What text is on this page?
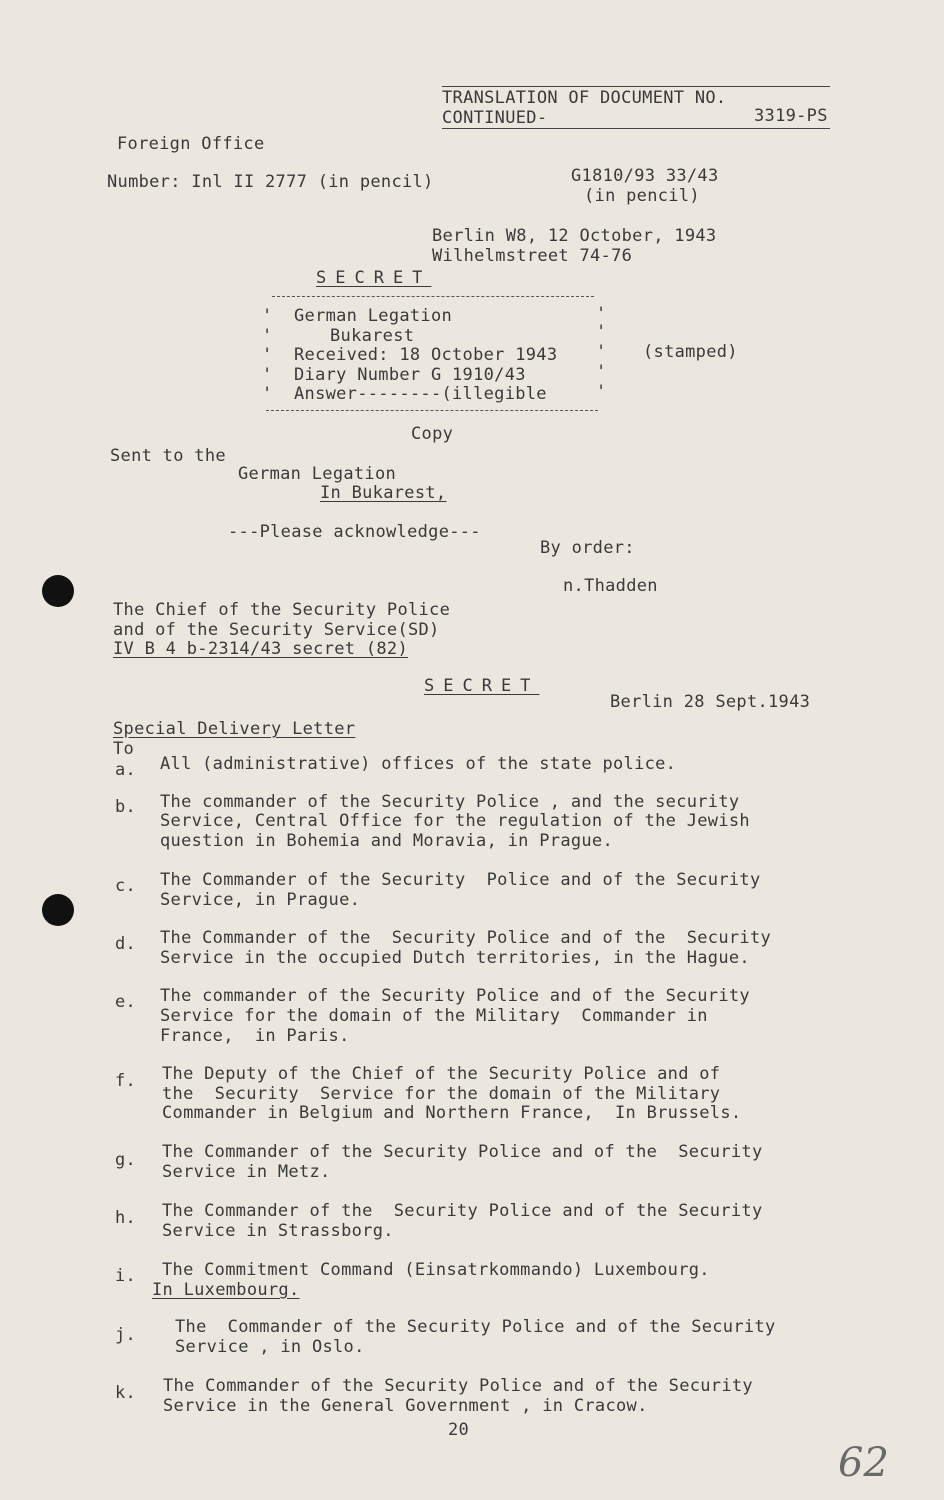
TRANSLATION OF DOCUMENT NO.
CONTINUED-	3319-PS
Foreign Office
Number: Inl II 2777 (in pencil)	G1810/93 33/43
(in pencil)
Berlin W8, 12 October, 1943
Wilhelmstreet 74-76
SECRET
German Legation
Bukarest
Received: 18 October 1943
Diary Number G 1910/43
Answer--------(illegible
(stamped)
'
'
'
'
'
'
'
'
'
'
Copy
Sent to the
German Legation
In Bukarest,
---Please acknowledge---
By order:
n.Thadden
The Chief of the Security Police
and of the Security Service(SD)
IV B 4 b-2314/43 secret (82)
SECRET
Berlin 28 Sept.1943
Special Delivery Letter
To
a. All (administrative) offices of the state police.
b. The commander of the Security Police , and the security
Service, Central Office for the regulation of the Jewish
question in Bohemia and Moravia, in Prague.
c. The Commander of the Security  Police and of the Security
Service, in Prague.
d. The Commander of the  Security Police and of the  Security
Service in the occupied Dutch territories, in the Hague.
e. The commander of the Security Police and of the Security
Service for the domain of the Military  Commander in
France,  in Paris.
f. The Deputy of the Chief of the Security Police and of
the  Security  Service for the domain of the Military
Commander in Belgium and Northern France,  In Brussels.
g. The Commander of the Security Police and of the  Security
Service in Metz.
h. The Commander of the  Security Police and of the Security
Service in Strassborg.
i. The Commitment Command (Einsatrkommando) Luxembourg.
In Luxembourg.
j. The  Commander of the Security Police and of the Security
Service , in Oslo.
k. The Commander of the Security Police and of the Security
Service in the General Government , in Cracow.
20
62
